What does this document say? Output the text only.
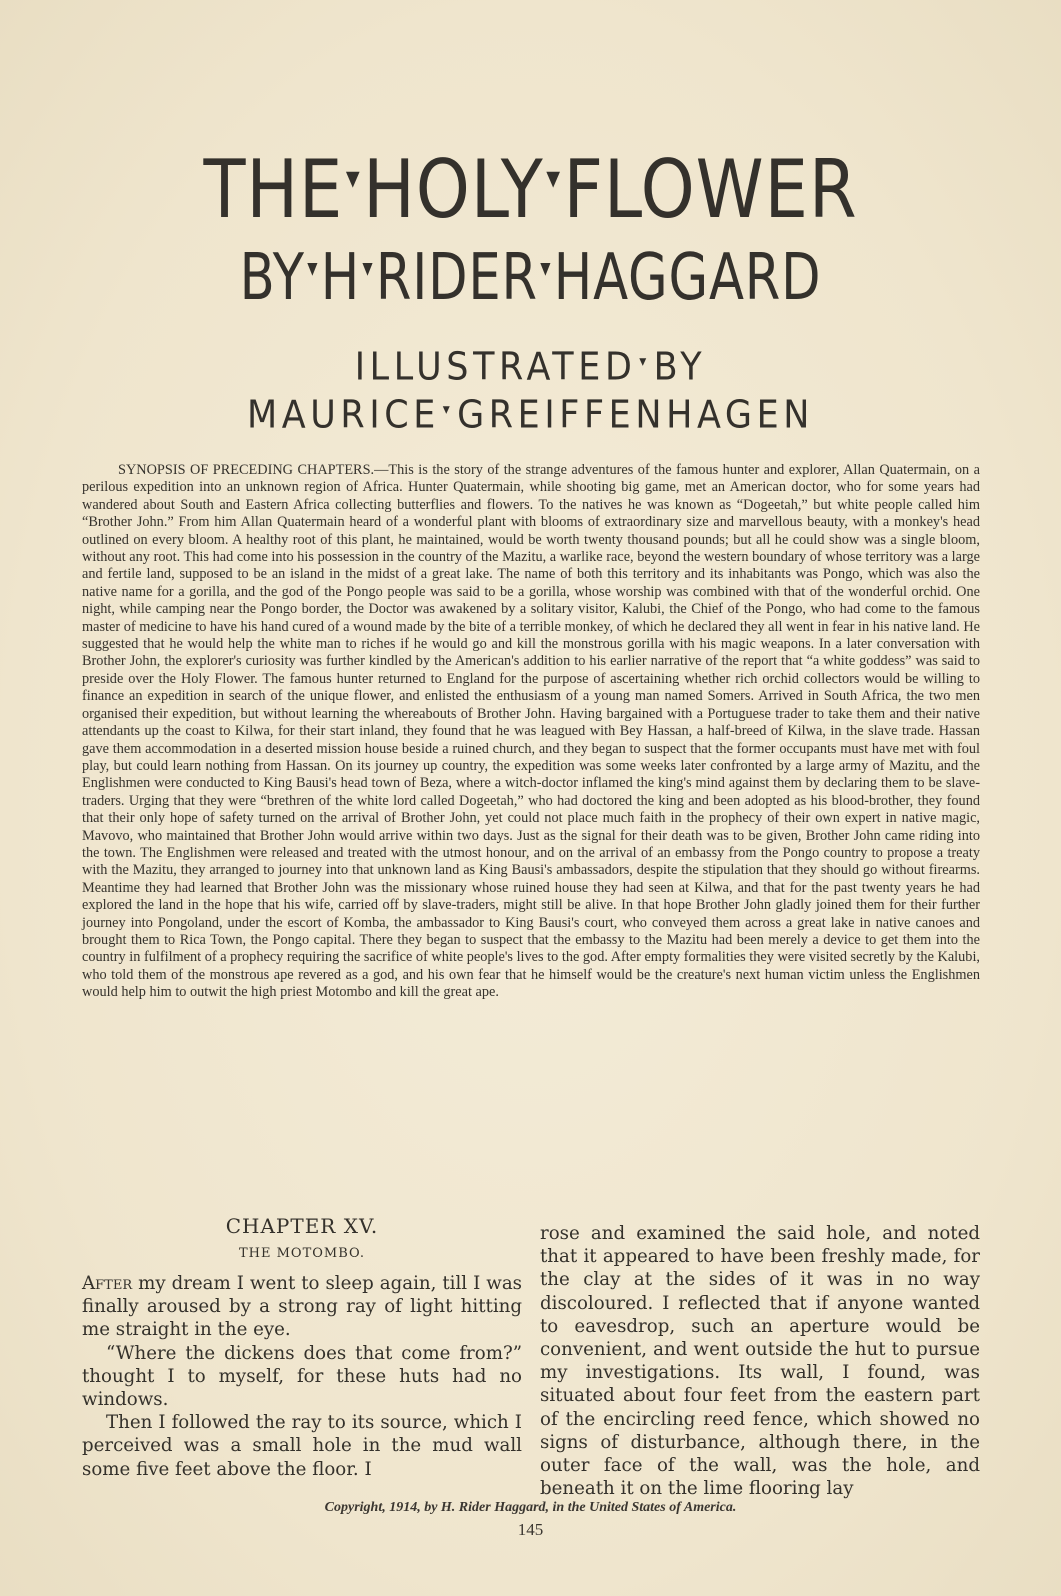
THE▾HOLY▾FLOWER
BY▾H▾RIDER▾HAGGARD
ILLUSTRATED ▾BY
MAURICE ▾GREIFFENHAGEN
SYNOPSIS OF PRECEDING CHAPTERS.—This is the story of the strange adventures of the famous hunter and explorer, Allan Quatermain, on a perilous expedition into an unknown region of Africa. Hunter Quatermain, while shooting big game, met an American doctor, who for some years had wandered about South and Eastern Africa collecting butterflies and flowers. To the natives he was known as “Dogeetah,” but white people called him “Brother John.” From him Allan Quatermain heard of a wonderful plant with blooms of extraordinary size and marvellous beauty, with a monkey's head outlined on every bloom. A healthy root of this plant, he maintained, would be worth twenty thousand pounds; but all he could show was a single bloom, without any root. This had come into his possession in the country of the Mazitu, a warlike race, beyond the western boundary of whose territory was a large and fertile land, supposed to be an island in the midst of a great lake. The name of both this territory and its inhabitants was Pongo, which was also the native name for a gorilla, and the god of the Pongo people was said to be a gorilla, whose worship was combined with that of the wonderful orchid. One night, while camping near the Pongo border, the Doctor was awakened by a solitary visitor, Kalubi, the Chief of the Pongo, who had come to the famous master of medicine to have his hand cured of a wound made by the bite of a terrible monkey, of which he declared they all went in fear in his native land. He suggested that he would help the white man to riches if he would go and kill the monstrous gorilla with his magic weapons. In a later conversation with Brother John, the explorer's curiosity was further kindled by the American's addition to his earlier narrative of the report that “a white goddess” was said to preside over the Holy Flower. The famous hunter returned to England for the purpose of ascertaining whether rich orchid collectors would be willing to finance an expedition in search of the unique flower, and enlisted the enthusiasm of a young man named Somers. Arrived in South Africa, the two men organised their expedition, but without learning the whereabouts of Brother John. Having bargained with a Portuguese trader to take them and their native attendants up the coast to Kilwa, for their start inland, they found that he was leagued with Bey Hassan, a half-breed of Kilwa, in the slave trade. Hassan gave them accommodation in a deserted mission house beside a ruined church, and they began to suspect that the former occupants must have met with foul play, but could learn nothing from Hassan. On its journey up country, the expedition was some weeks later confronted by a large army of Mazitu, and the Englishmen were conducted to King Bausi's head town of Beza, where a witch-doctor inflamed the king's mind against them by declaring them to be slave-traders. Urging that they were “brethren of the white lord called Dogeetah,” who had doctored the king and been adopted as his blood-brother, they found that their only hope of safety turned on the arrival of Brother John, yet could not place much faith in the prophecy of their own expert in native magic, Mavovo, who maintained that Brother John would arrive within two days. Just as the signal for their death was to be given, Brother John came riding into the town. The Englishmen were released and treated with the utmost honour, and on the arrival of an embassy from the Pongo country to propose a treaty with the Mazitu, they arranged to journey into that unknown land as King Bausi's ambassadors, despite the stipulation that they should go without firearms. Meantime they had learned that Brother John was the missionary whose ruined house they had seen at Kilwa, and that for the past twenty years he had explored the land in the hope that his wife, carried off by slave-traders, might still be alive. In that hope Brother John gladly joined them for their further journey into Pongoland, under the escort of Komba, the ambassador to King Bausi's court, who conveyed them across a great lake in native canoes and brought them to Rica Town, the Pongo capital. There they began to suspect that the embassy to the Mazitu had been merely a device to get them into the country in fulfilment of a prophecy requiring the sacrifice of white people's lives to the god. After empty formalities they were visited secretly by the Kalubi, who told them of the monstrous ape revered as a god, and his own fear that he himself would be the creature's next human victim unless the Englishmen would help him to outwit the high priest Motombo and kill the great ape.
CHAPTER XV.
THE MOTOMBO.

After my dream I went to sleep again, till I was finally aroused by a strong ray of light hitting me straight in the eye.

“Where the dickens does that come from?” thought I to myself, for these huts had no windows.

Then I followed the ray to its source, which I perceived was a small hole in the mud wall some five feet above the floor. I

rose and examined the said hole, and noted that it appeared to have been freshly made, for the clay at the sides of it was in no way discoloured. I reflected that if anyone wanted to eavesdrop, such an aperture would be convenient, and went outside the hut to pursue my investigations. Its wall, I found, was situated about four feet from the eastern part of the encircling reed fence, which showed no signs of disturbance, although there, in the outer face of the wall, was the hole, and beneath it on the lime flooring lay

Copyright, 1914, by H. Rider Haggard, in the United States of America.
145
